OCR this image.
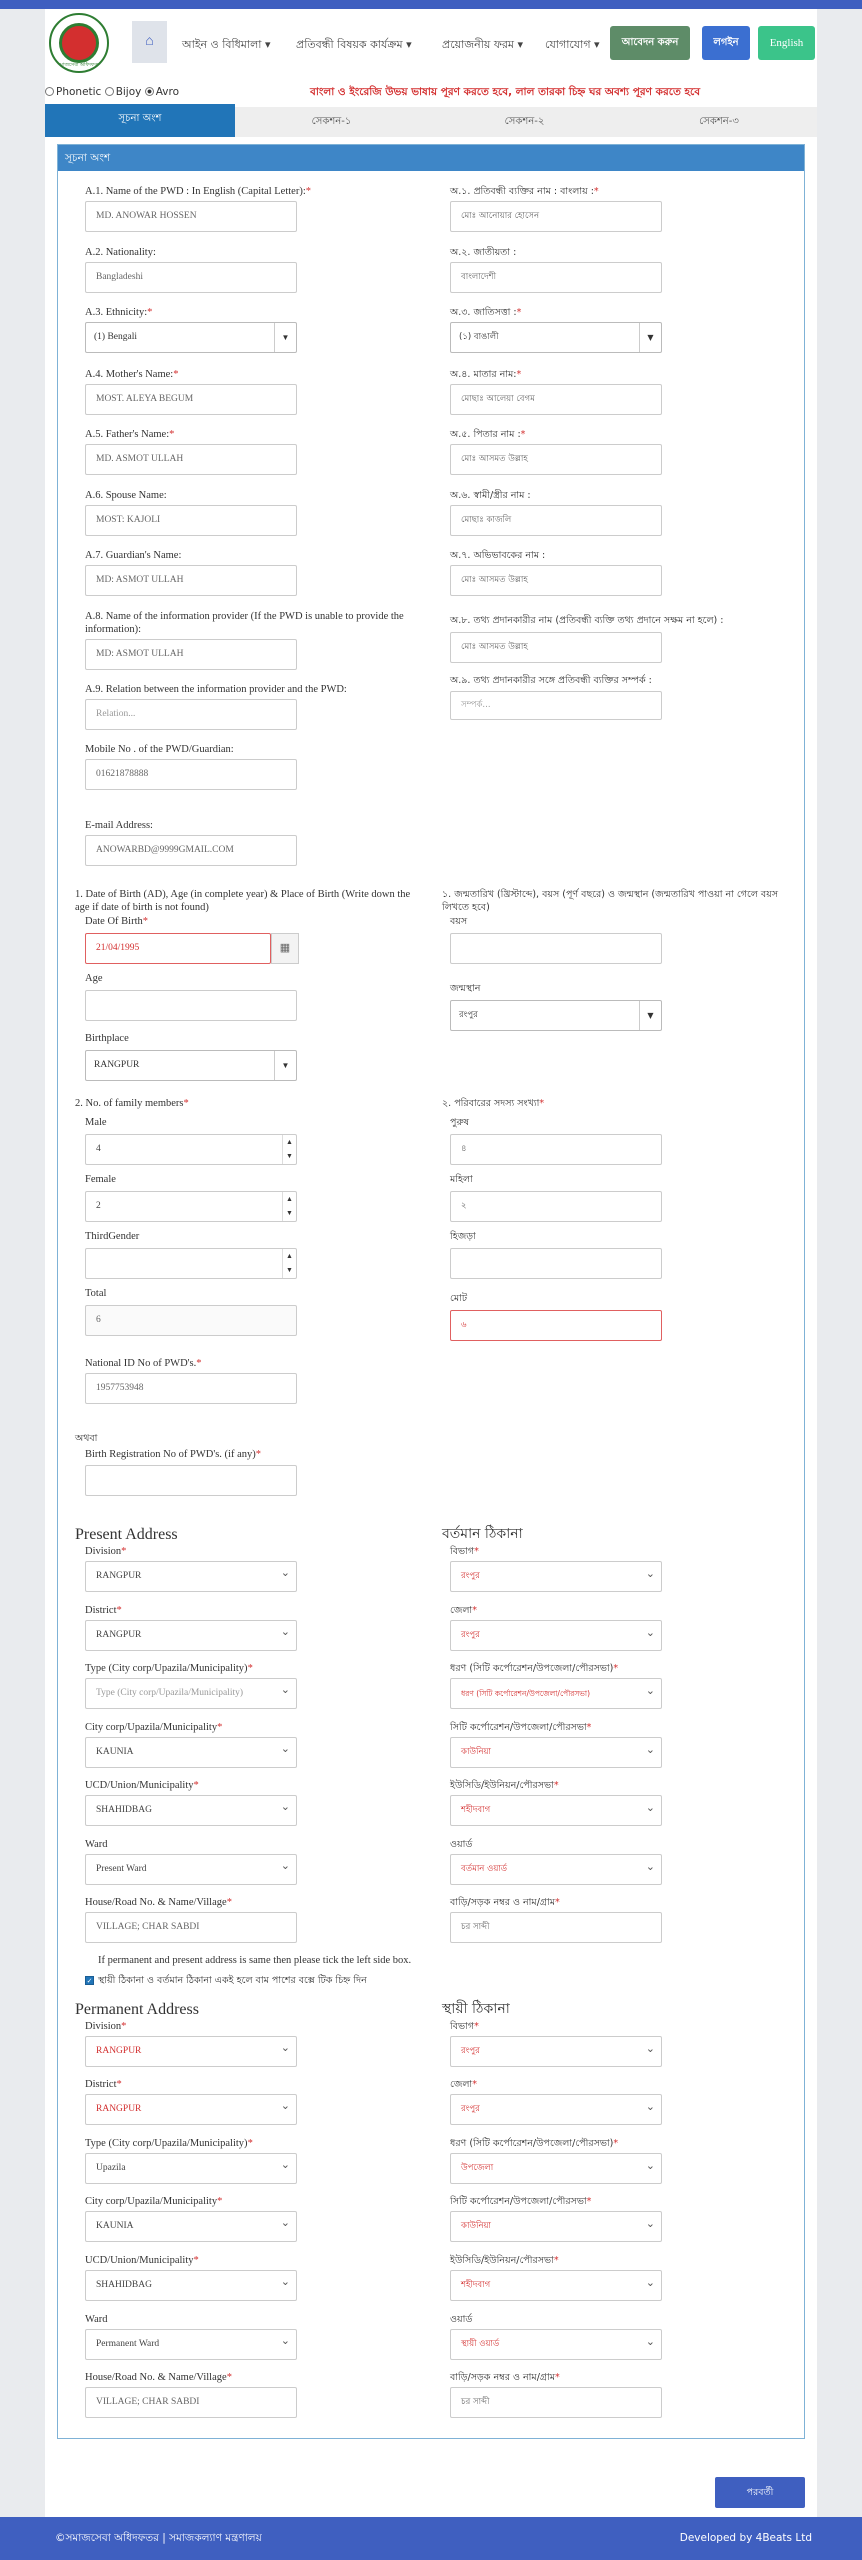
সমাজসেবা অধিদফতর
⌂	আইন ও বিধিমালা ▾ প্রতিবন্ধী বিষয়ক কার্যক্রম ▾	প্রয়োজনীয় ফরম ▾ যোগাযোগ ▾	আবেদন করুন	লগইন	English
Phonetic Bijoy Avro	বাংলা ও ইংরেজি উভয় ভাষায় পূরণ করতে হবে, লাল তারকা চিহ্ন ঘর অবশ্য পূরণ করতে হবে
সূচনা অংশ	সেকশন-১	সেকশন-২	সেকশন-৩
সূচনা অংশ
A.1. Name of the PWD : In English (Capital Letter):*
MD. ANOWAR HOSSEN
অ.১. প্রতিবন্ধী ব্যক্তির নাম : বাংলায় :*
মোঃ আনোয়ার হোসেন
A.2. Nationality:
Bangladeshi
অ.২. জাতীয়তা :
বাংলাদেশী
A.3. Ethnicity:*
(1) Bengali	▼
অ.৩. জাতিসত্তা :*
(১) বাঙালী	▼
A.4. Mother's Name:*
MOST. ALEYA BEGUM
অ.৪. মাতার নাম:*
মোছাঃ আলেয়া বেগম
A.5. Father's Name:*
MD. ASMOT ULLAH
অ.৫. পিতার নাম :*
মোঃ আসমত উল্লাহ
A.6. Spouse Name:
MOST: KAJOLI
অ.৬. স্বামী/স্ত্রীর নাম :
মোছাঃ কাজলি
A.7. Guardian's Name:
MD: ASMOT ULLAH
অ.৭. অভিভাবকের নাম :
মোঃ আসমত উল্লাহ
A.8. Name of the information provider (If the PWD is unable to provide the information):
MD: ASMOT ULLAH
অ.৮. তথ্য প্রদানকারীর নাম (প্রতিবন্ধী ব্যক্তি তথ্য প্রদানে সক্ষম না হলে) :
মোঃ আসমত উল্লাহ
A.9. Relation between the information provider and the PWD:
Relation...
অ.৯. তথ্য প্রদানকারীর সঙ্গে প্রতিবন্ধী ব্যক্তির সম্পর্ক :
সম্পর্ক...
Mobile No . of the PWD/Guardian:
01621878888
E-mail Address:
ANOWARBD@9999GMAIL.COM
1. Date of Birth (AD), Age (in complete year) & Place of Birth (Write down the age if date of birth is not found)
১. জন্মতারিখ (খ্রিস্টাব্দে), বয়স (পূর্ণ বছরে) ও জন্মস্থান (জন্মতারিখ পাওয়া না গেলে বয়স লিখতে হবে)
Date Of Birth*
21/04/1995	▦
বয়স
Age
জন্মস্থান
রংপুর	▼
Birthplace
RANGPUR	▼
2. No. of family members*	২. পরিবারের সদস্য সংখ্যা*
Male
4
▲
▼
পুরুষ
৪
Female
2
▲
▼
মহিলা
২
ThirdGender
▲
▼
হিজড়া
Total
6
মোট
৬
National ID No of PWD's.*
1957753948
অথবা
Birth Registration No of PWD's. (if any)*
Present Address	বর্তমান ঠিকানা
Division*
RANGPUR ⌄
বিভাগ*
রংপুর ⌄
District*
RANGPUR ⌄
জেলা*
রংপুর ⌄
Type (City corp/Upazila/Municipality)*
Type (City corp/Upazila/Municipality) ⌄
ধরণ (সিটি কর্পোরেশন/উপজেলা/পৌরসভা)*
ধরণ (সিটি কর্পোরেশন/উপজেলা/পৌরসভা) ⌄
City corp/Upazila/Municipality*
KAUNIA ⌄
সিটি কর্পোরেশন/উপজেলা/পৌরসভা*
কাউনিয়া ⌄
UCD/Union/Municipality*
SHAHIDBAG ⌄
ইউসিডি/ইউনিয়ন/পৌরসভা*
শহীদবাগ ⌄
Ward
Present Ward ⌄
ওয়ার্ড
বর্তমান ওয়ার্ড ⌄
House/Road No. & Name/Village*
VILLAGE; CHAR SABDI
বাড়ি/সড়ক নম্বর ও নাম/গ্রাম*
চর সাব্দী
If permanent and present address is same then please tick the left side box.
✓ স্থায়ী ঠিকানা ও বর্তমান ঠিকানা একই হলে বাম পাশের বক্সে টিক চিহ্ন দিন
Permanent Address	স্থায়ী ঠিকানা
Division*
RANGPUR ⌄
বিভাগ*
রংপুর ⌄
District*
RANGPUR ⌄
জেলা*
রংপুর ⌄
Type (City corp/Upazila/Municipality)*
Upazila ⌄
ধরণ (সিটি কর্পোরেশন/উপজেলা/পৌরসভা)*
উপজেলা ⌄
City corp/Upazila/Municipality*
KAUNIA ⌄
সিটি কর্পোরেশন/উপজেলা/পৌরসভা*
কাউনিয়া ⌄
UCD/Union/Municipality*
SHAHIDBAG ⌄
ইউসিডি/ইউনিয়ন/পৌরসভা*
শহীদবাগ ⌄
Ward
Permanent Ward ⌄
ওয়ার্ড
স্থায়ী ওয়ার্ড ⌄
House/Road No. & Name/Village*
VILLAGE; CHAR SABDI
বাড়ি/সড়ক নম্বর ও নাম/গ্রাম*
চর সাব্দী
পরবর্তী
©সমাজসেবা অধিদফতর | সমাজকল্যাণ মন্ত্রণালয়	Developed by 4Beats Ltd
